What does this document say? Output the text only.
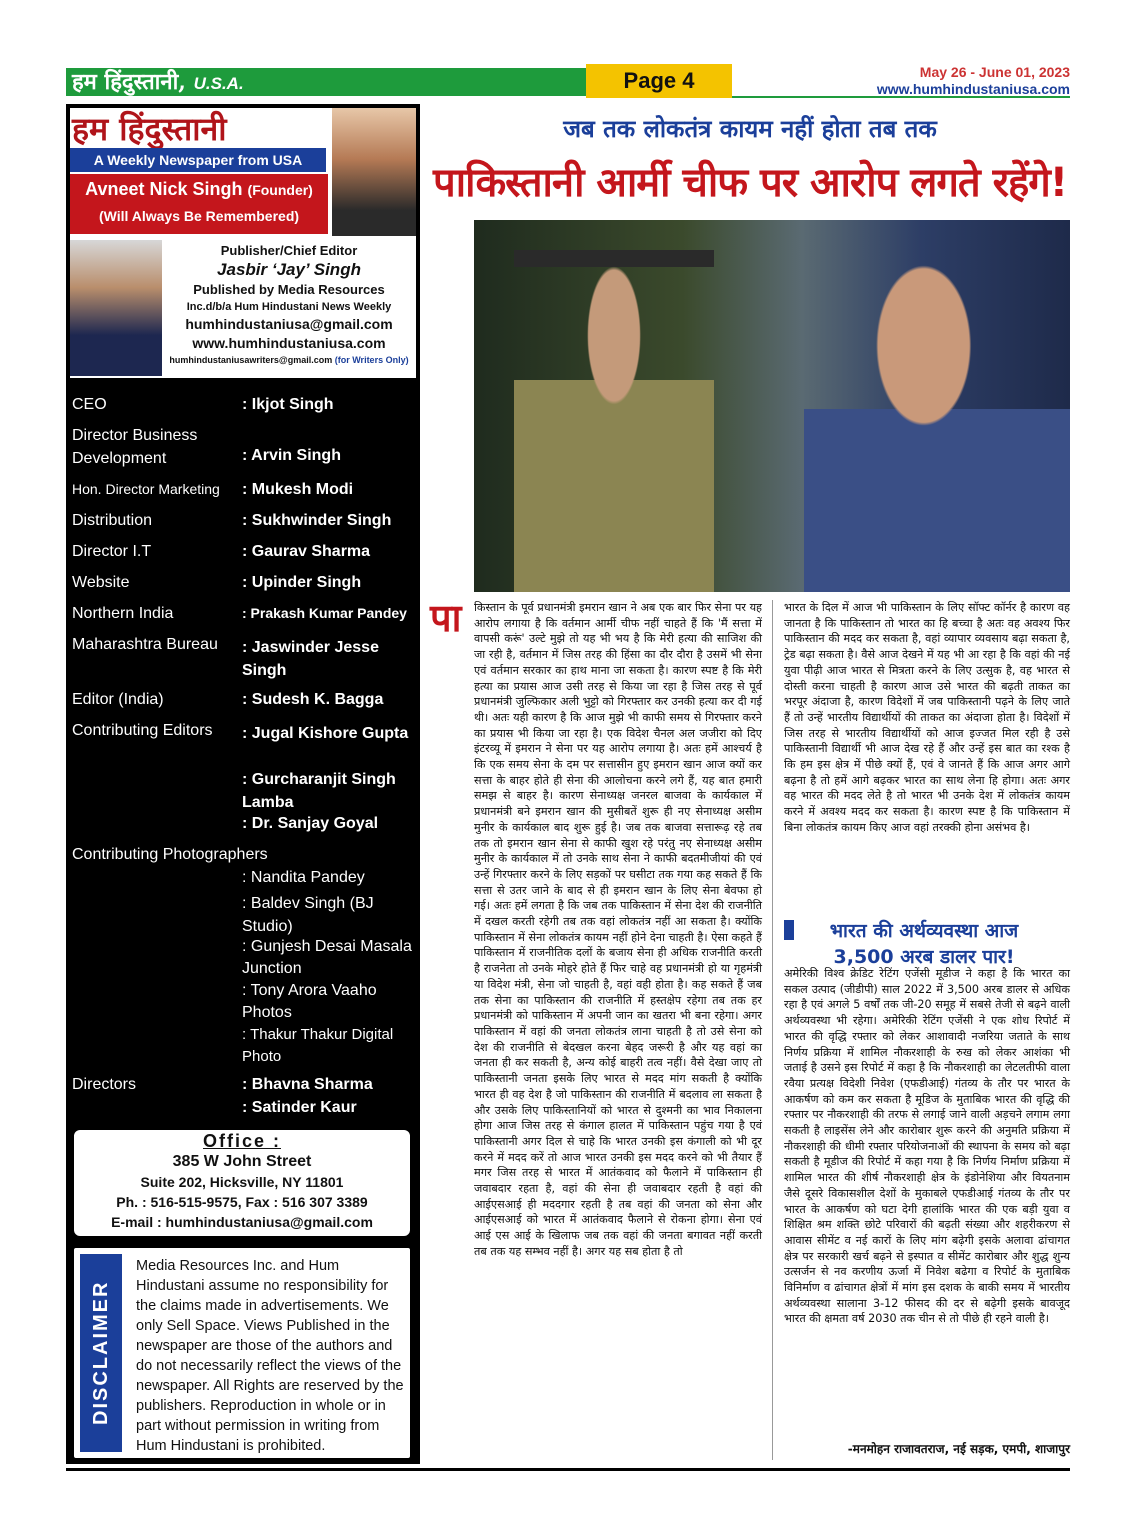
हम हिंदुस्तानी, U.S.A.	Page 4	May 26 - June 01, 2023
www.humhindustaniusa.com
हम हिंदुस्तानी
A Weekly Newspaper from USA
Avneet Nick Singh (Founder)
(Will Always Be Remembered)
Publisher/Chief Editor
Jasbir ‘Jay’ Singh
Published by Media Resources
Inc.d/b/a Hum Hindustani News Weekly
humhindustaniusa@gmail.com
www.humhindustaniusa.com
humhindustaniusawriters@gmail.com (for Writers Only)
CEO	: Ikjot Singh
Director Business Development	: Arvin Singh
Hon. Director Marketing	: Mukesh Modi
Distribution	: Sukhwinder Singh
Director I.T	: Gaurav Sharma
Website	: Upinder Singh
Northern India	: Prakash Kumar Pandey
Maharashtra Bureau	: Jaswinder Jesse Singh
Editor (India)	: Sudesh K. Bagga
Contributing Editors	: Jugal Kishore Gupta
: Gurcharanjit Singh Lamba
: Dr. Sanjay Goyal
Contributing Photographers
: Nandita Pandey
: Baldev Singh (BJ Studio)
: Gunjesh Desai Masala Junction
: Tony Arora Vaaho Photos
: Thakur Thakur Digital Photo
Directors	: Bhavna Sharma
: Satinder Kaur
Office :
385 W John Street
Suite 202, Hicksville, NY 11801
Ph. : 516-515-9575, Fax : 516 307 3389
E-mail : humhindustaniusa@gmail.com
DISCLAIMER
Media Resources Inc. and Hum Hindustani assume no responsibility for the claims made in advertisements. We only Sell Space. Views Published in the newspaper are those of the authors and do not necessarily reflect the views of the newspaper. All Rights are reserved by the publishers. Reproduction in whole or in part without permission in writing from Hum Hindustani is prohibited.
जब तक लोकतंत्र कायम नहीं होता तब तक
पाकिस्तानी आर्मी चीफ पर आरोप लगते रहेंगे!
पा	किस्तान के पूर्व प्रधानमंत्री इमरान खान ने अब एक बार फिर सेना पर यह आरोप लगाया है कि वर्तमान आर्मी चीफ नहीं चाहते हैं कि 'मैं सत्ता में वापसी करूं' उल्टे मुझे तो यह भी भय है कि मेरी हत्या की साजिश की जा रही है, वर्तमान में जिस तरह की हिंसा का दौर दौरा है उसमें भी सेना एवं वर्तमान सरकार का हाथ माना जा सकता है। कारण स्पष्ट है कि मेरी हत्या का प्रयास आज उसी तरह से किया जा रहा है जिस तरह से पूर्व प्रधानमंत्री जुल्फिकार अली भुट्टो को गिरफ्तार कर उनकी हत्या कर दी गई थी। अतः यही कारण है कि आज मुझे भी काफी समय से गिरफ्तार करने का प्रयास भी किया जा रहा है। एक विदेश चैनल अल जजीरा को दिए इंटरव्यू में इमरान ने सेना पर यह आरोप लगाया है। अतः हमें आश्चर्य है कि एक समय सेना के दम पर सत्तासीन हुए इमरान खान आज क्यों कर सत्ता के बाहर होते ही सेना की आलोचना करने लगे हैं, यह बात हमारी समझ से बाहर है। कारण सेनाध्यक्ष जनरल बाजवा के कार्यकाल में प्रधानमंत्री बने इमरान खान की मुसीबतें शुरू ही नए सेनाध्यक्ष असीम मुनीर के कार्यकाल बाद शुरू हुई है। जब तक बाजवा सत्तारूढ़ रहे तब तक तो इमरान खान सेना से काफी खुश रहे परंतु नए सेनाध्यक्ष असीम मुनीर के कार्यकाल में तो उनके साथ सेना ने काफी बदतमीजीयां की एवं उन्हें गिरफ्तार करने के लिए सड़कों पर घसीटा तक गया कह सकते हैं कि सत्ता से उतर जाने के बाद से ही इमरान खान के लिए सेना बेवफा हो गई। अतः हमें लगता है कि जब तक पाकिस्तान में सेना देश की राजनीति में दखल करती रहेगी तब तक वहां लोकतंत्र नहीं आ सकता है। क्योंकि पाकिस्तान में सेना लोकतंत्र कायम नहीं होने देना चाहती है। ऐसा कहते हैं पाकिस्तान में राजनीतिक दलों के बजाय सेना ही अधिक राजनीति करती है राजनेता तो उनके मोहरे होते हैं फिर चाहे वह प्रधानमंत्री हो या गृहमंत्री या विदेश मंत्री, सेना जो चाहती है, वहां वही होता है। कह सकते हैं जब तक सेना का पाकिस्तान की राजनीति में हस्तक्षेप रहेगा तब तक हर प्रधानमंत्री को पाकिस्तान में अपनी जान का खतरा भी बना रहेगा। अगर पाकिस्तान में वहां की जनता लोकतंत्र लाना चाहती है तो उसे सेना को देश की राजनीति से बेदखल करना बेहद जरूरी है और यह वहां का जनता ही कर सकती है, अन्य कोई बाहरी तत्व नहीं। वैसे देखा जाए तो पाकिस्तानी जनता इसके लिए भारत से मदद मांग सकती है क्योंकि भारत ही वह देश है जो पाकिस्तान की राजनीति में बदलाव ला सकता है और उसके लिए पाकिस्तानियों को भारत से दुश्मनी का भाव निकालना होगा आज जिस तरह से कंगाल हालत में पाकिस्तान पहुंच गया है एवं पाकिस्तानी अगर दिल से चाहे कि भारत उनकी इस कंगाली को भी दूर करने में मदद करें तो आज भारत उनकी इस मदद करने को भी तैयार हैं मगर जिस तरह से भारत में आतंकवाद को फैलाने में पाकिस्तान ही जवाबदार रहता है, वहां की सेना ही जवाबदार रहती है वहां की आईएसआई ही मददगार रहती है तब वहां की जनता को सेना और आईएसआई को भारत में आतंकवाद फैलाने से रोकना होगा। सेना एवं आई एस आई के खिलाफ जब तक वहां की जनता बगावत नहीं करती तब तक यह सम्भव नहीं है। अगर यह सब होता है तो
भारत के दिल में आज भी पाकिस्तान के लिए सॉफ्ट कॉर्नर है कारण वह जानता है कि पाकिस्तान तो भारत का हि बच्चा है अतः वह अवश्य फिर पाकिस्तान की मदद कर सकता है, वहां व्यापार व्यवसाय बढ़ा सकता है, ट्रेड बढ़ा सकता है। वैसे आज देखने में यह भी आ रहा है कि वहां की नई युवा पीढ़ी आज भारत से मित्रता करने के लिए उत्सुक है, वह भारत से दोस्ती करना चाहती है कारण आज उसे भारत की बढ़ती ताकत का भरपूर अंदाजा है, कारण विदेशों में जब पाकिस्तानी पढ़ने के लिए जाते हैं तो उन्हें भारतीय विद्यार्थीयों की ताकत का अंदाजा होता है। विदेशों में जिस तरह से भारतीय विद्यार्थीयों को आज इज्जत मिल रही है उसे पाकिस्तानी विद्यार्थी भी आज देख रहे हैं और उन्हें इस बात का रश्क है कि हम इस क्षेत्र में पीछे क्यों हैं, एवं वे जानते हैं कि आज अगर आगे बढ़ना है तो हमें आगे बढ़कर भारत का साथ लेना हि होगा। अतः अगर वह भारत की मदद लेते है तो भारत भी उनके देश में लोकतंत्र कायम करने में अवश्य मदद कर सकता है। कारण स्पष्ट है कि पाकिस्तान में बिना लोकतंत्र कायम किए आज वहां तरक्की होना असंभव है।
भारत की अर्थव्यवस्था आज
3,500 अरब डालर पार!
अमेरिकी विश्व क्रेडिट रेटिंग एजेंसी मूडीज ने कहा है कि भारत का सकल उत्पाद (जीडीपी) साल 2022 में 3,500 अरब डालर से अधिक रहा है एवं अगले 5 वर्षों तक जी-20 समूह में सबसे तेजी से बढ़ने वाली अर्थव्यवस्था भी रहेगा। अमेरिकी रेटिंग एजेंसी ने एक शोध रिपोर्ट में भारत की वृद्धि रफ्तार को लेकर आशावादी नजरिया जताते के साथ निर्णय प्रक्रिया में शामिल नौकरशाही के रुख को लेकर आशंका भी जताई है उसने इस रिपोर्ट में कहा है कि नौकरशाही का लेटलतीफी वाला रवैया प्रत्यक्ष विदेशी निवेश (एफडीआई) गंतव्य के तौर पर भारत के आकर्षण को कम कर सकता है मूडिज के मुताबिक भारत की वृद्धि की रफ्तार पर नौकरशाही की तरफ से लगाई जाने वाली अड़चने लगाम लगा सकती है लाइसेंस लेने और कारोबार शुरू करने की अनुमति प्रक्रिया में नौकरशाही की धीमी रफ्तार परियोजनाओं की स्थापना के समय को बढ़ा सकती है मूडीज की रिपोर्ट में कहा गया है कि निर्णय निर्माण प्रक्रिया में शामिल भारत की शीर्ष नौकरशाही क्षेत्र के इंडोनेशिया और वियतनाम जैसे दूसरे विकासशील देशों के मुकाबले एफडीआई गंतव्य के तौर पर भारत के आकर्षण को घटा देगी हालांकि भारत की एक बड़ी युवा व शिक्षित श्रम शक्ति छोटे परिवारों की बढ़ती संख्या और शहरीकरण से आवास सीमेंट व नई कारों के लिए मांग बढ़ेगी इसके अलावा ढांचागत क्षेत्र पर सरकारी खर्च बढ़ने से इस्पात व सीमेंट कारोबार और शुद्ध शुन्य उत्सर्जन से नव करणीय ऊर्जा में निवेश बढेगा व रिपोर्ट के मुताबिक विनिर्माण व ढांचागत क्षेत्रों में मांग इस दशक के बाकी समय में भारतीय अर्थव्यवस्था सालाना 3-12 फीसद की दर से बढ़ेगी इसके बावजूद भारत की क्षमता वर्ष 2030 तक चीन से तो पीछे ही रहने वाली है।
-मनमोहन राजावतराज, नई सड़क, एमपी, शाजापुर
